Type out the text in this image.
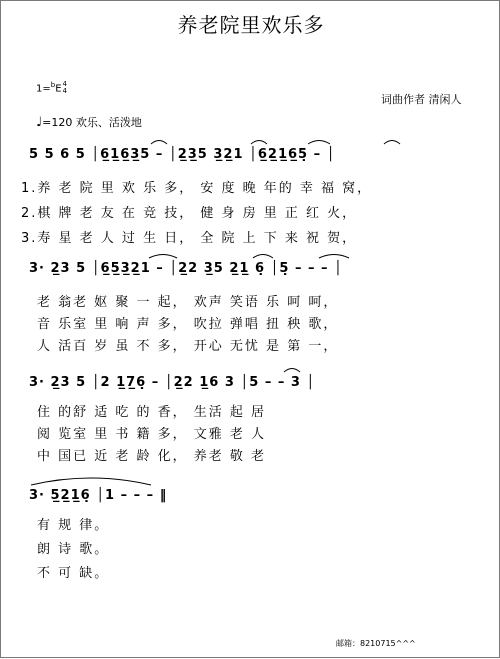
养老院里欢乐多
1=$^b$E4
4
词曲作者 清闲人
♩=120 欢乐、活泼地
5 5 6 5 │6̲1̲6̲3̲5 – │2̲3̲5 3̲2̲1 │6̲2̲1̲6̲5̣ – │
1.养 老 院 里 欢 乐 多， 安 度 晚 年的 幸 福 窝，
2.棋 牌 老 友 在 竞 技， 健 身 房 里 正 红 火，
3.寿 星 老 人 过 生 日， 全 院 上 下 来 祝 贺，
3· 2̲3 5 │6̲5̲3̲2̲1 – │2̲2 3̲5 2̲1̲ 6̣ │5̣ – – – │
老 翁老 妪 聚 一 起， 欢声 笑语 乐 呵 呵，
音 乐室 里 响 声 多， 吹拉 弹唱 扭 秧 歌，
人 活百 岁 虽 不 多， 开心 无忧 是 第 一，
3· 2̲3 5 │2 1̲7̲6̣ – │2̲2 1̲6 3 │5 – – 3 │
住 的舒 适 吃 的 香， 生活 起 居
阅 览室 里 书 籍 多， 文雅 老 人
中 国已 近 老 龄 化， 养老 敬 老
3· 5̲2̲1̲6̣ │1 – – – ‖
有 规 律。
朗 诗 歌。
不 可 缺。
邮箱：8210715^^^
